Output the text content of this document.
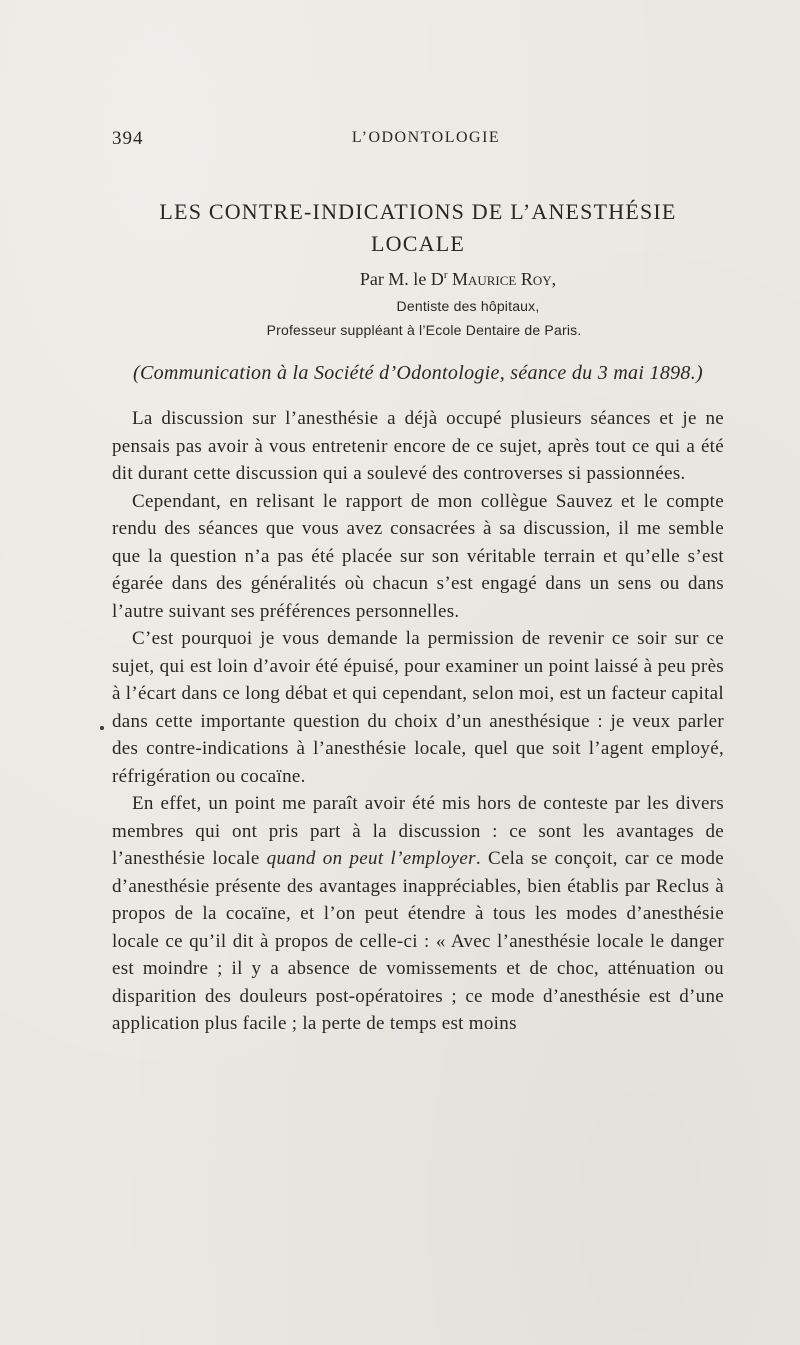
394	L’ODONTOLOGIE
LES CONTRE-INDICATIONS DE L’ANESTHÉSIE
LOCALE
Par M. le $D^r$ Maurice Roy,
Dentiste des hôpitaux,
Professeur suppléant à l’Ecole Dentaire de Paris.
(Communication à la Société d’Odontologie, séance du 3 mai 1898.)

La discussion sur l’anesthésie a déjà occupé plusieurs séances et je ne pensais pas avoir à vous entretenir encore de ce sujet, après tout ce qui a été dit durant cette discussion qui a soulevé des controverses si passionnées.

Cependant, en relisant le rapport de mon collègue Sauvez et le compte rendu des séances que vous avez consacrées à sa discussion, il me semble que la question n’a pas été placée sur son véritable terrain et qu’elle s’est égarée dans des généralités où chacun s’est engagé dans un sens ou dans l’autre suivant ses préférences personnelles.

C’est pourquoi je vous demande la permission de revenir ce soir sur ce sujet, qui est loin d’avoir été épuisé, pour examiner un point laissé à peu près à l’écart dans ce long débat et qui cependant, selon moi, est un facteur capital dans cette importante question du choix d’un anesthésique : je veux parler des contre-indications à l’anesthésie locale, quel que soit l’agent employé, réfrigération ou cocaïne.

En effet, un point me paraît avoir été mis hors de conteste par les divers membres qui ont pris part à la discussion : ce sont les avantages de l’anesthésie locale quand on peut l’employer. Cela se conçoit, car ce mode d’anesthésie présente des avantages inappréciables, bien établis par Reclus à propos de la cocaïne, et l’on peut étendre à tous les modes d’anesthésie locale ce qu’il dit à propos de celle-ci : « Avec l’anesthésie locale le danger est moindre ; il y a absence de vomissements et de choc, atténuation ou disparition des douleurs post-opératoires ; ce mode d’anesthésie est d’une application plus facile ; la perte de temps est moins
